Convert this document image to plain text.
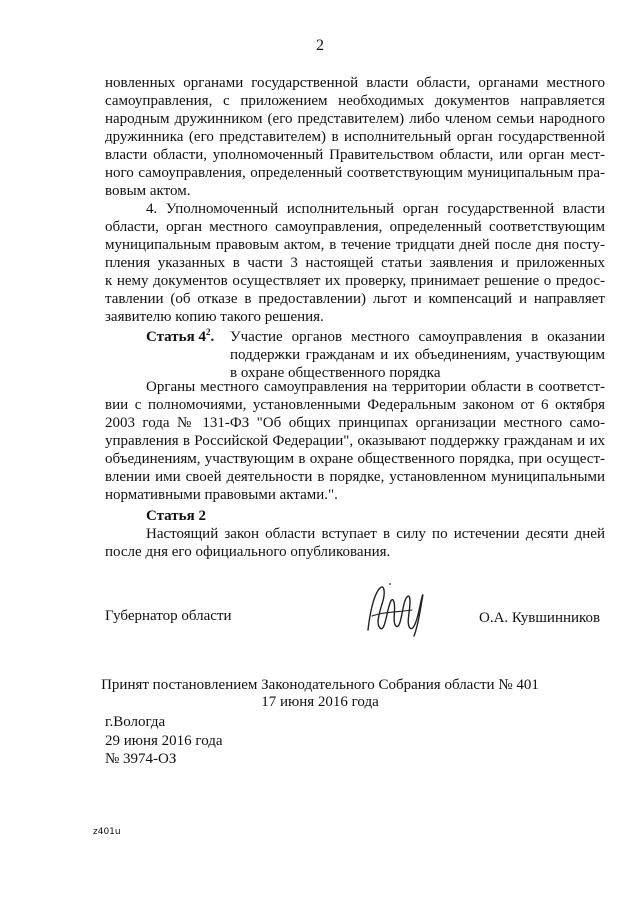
2
новленных органами государственной власти области, органами местного
самоуправления, с приложением необходимых документов направляется
народным дружинником (его представителем) либо членом семьи народного
дружинника (его представителем) в исполнительный орган государственной
власти области, уполномоченный Правительством области, или орган мест-
ного самоуправления, определенный соответствующим муниципальным пра-
вовым актом.
4. Уполномоченный исполнительный орган государственной власти
области, орган местного самоуправления, определенный соответствующим
муниципальным правовым актом, в течение тридцати дней после дня посту-
пления указанных в части 3 настоящей статьи заявления и приложенных
к нему документов осуществляет их проверку, принимает решение о предос-
тавлении (об отказе в предоставлении) льгот и компенсаций и направляет
заявителю копию такого решения.
Статья $4^2$. Участие органов местного самоуправления в оказании
поддержки гражданам и их объединениям, участвующим
в охране общественного порядка
Органы местного самоуправления на территории области в соответст-
вии с полномочиями, установленными Федеральным законом от 6 октября
2003 года № 131-ФЗ "Об общих принципах организации местного само-
управления в Российской Федерации", оказывают поддержку гражданам и их
объединениям, участвующим в охране общественного порядка, при осущест-
влении ими своей деятельности в порядке, установленном муниципальными
нормативными правовыми актами.".
Статья 2
Настоящий закон области вступает в силу по истечении десяти дней
после дня его официального опубликования.
Губернатор области	О.А. Кувшинников
Принят постановлением Законодательного Собрания области № 401
17 июня 2016 года
г.Вологда
29 июня 2016 года
№ 3974-ОЗ
z401u
